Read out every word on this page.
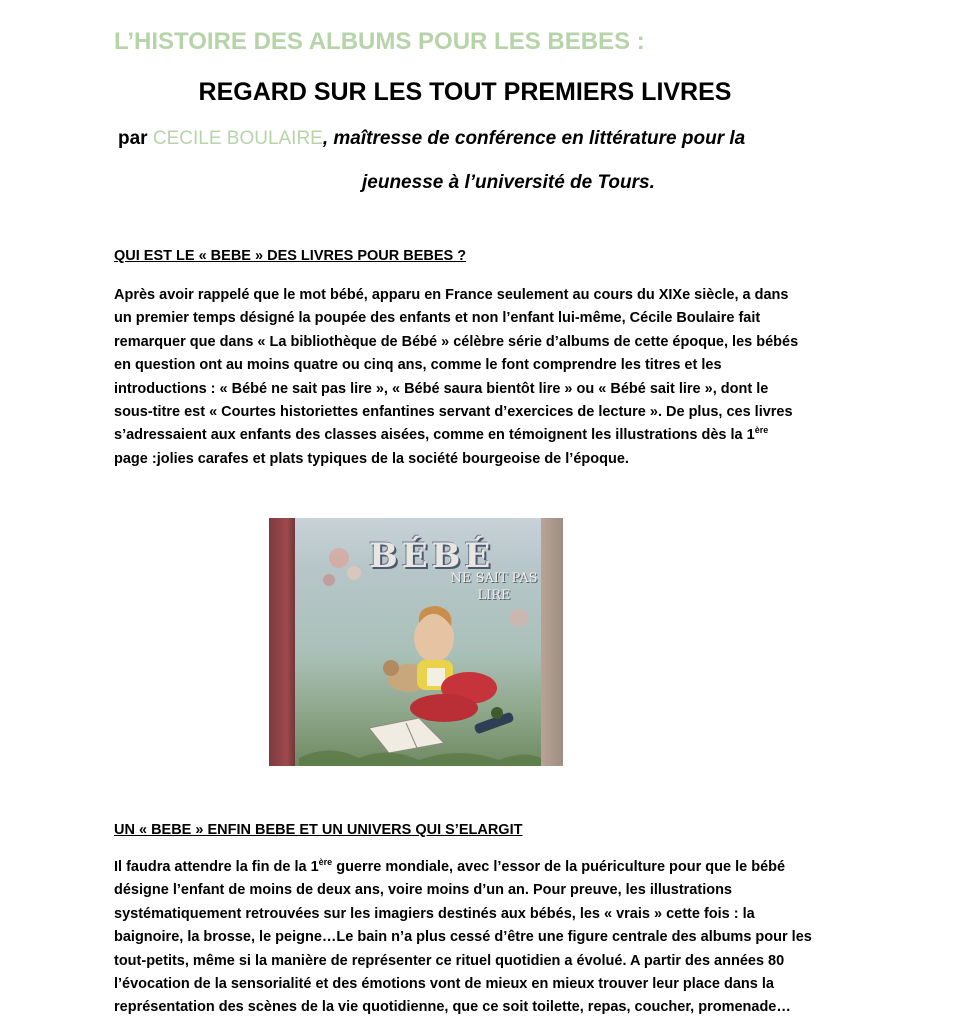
L’HISTOIRE DES ALBUMS POUR LES BEBES :
REGARD SUR LES TOUT PREMIERS LIVRES
par CECILE BOULAIRE, maîtresse de conférence en littérature pour la
jeunesse à l’université de Tours.
QUI EST LE « BEBE » DES LIVRES POUR BEBES ?
Après avoir rappelé que le mot bébé, apparu en France seulement au cours du XIXe siècle, a dans
un premier temps désigné la poupée des enfants et non l’enfant lui-même, Cécile Boulaire fait
remarquer que dans « La bibliothèque de Bébé » célèbre série d’albums de cette époque, les bébés
en question ont au moins quatre ou cinq ans, comme le font comprendre les titres et les
introductions : « Bébé ne sait pas lire », « Bébé saura bientôt lire » ou « Bébé sait lire », dont le
sous-titre est « Courtes historiettes enfantines servant d’exercices de lecture ». De plus, ces livres
s’adressaient aux enfants des classes aisées, comme en témoignent les illustrations dès la 1ère
page :jolies carafes et plats typiques de la société bourgeoise de l’époque.
BÉBÉ
NE SAIT PAS
LIRE
UN « BEBE » ENFIN BEBE ET UN UNIVERS QUI S’ELARGIT
Il faudra attendre la fin de la 1ère guerre mondiale, avec l’essor de la puériculture pour que le bébé
désigne l’enfant de moins de deux ans, voire moins d’un an. Pour preuve, les illustrations
systématiquement retrouvées sur les imagiers destinés aux bébés, les « vrais » cette fois : la
baignoire, la brosse, le peigne…Le bain n’a plus cessé d’être une figure centrale des albums pour les
tout-petits, même si la manière de représenter ce rituel quotidien a évolué. A partir des années 80
l’évocation de la sensorialité et des émotions vont de mieux en mieux trouver leur place dans la
représentation des scènes de la vie quotidienne, que ce soit toilette, repas, coucher, promenade…
